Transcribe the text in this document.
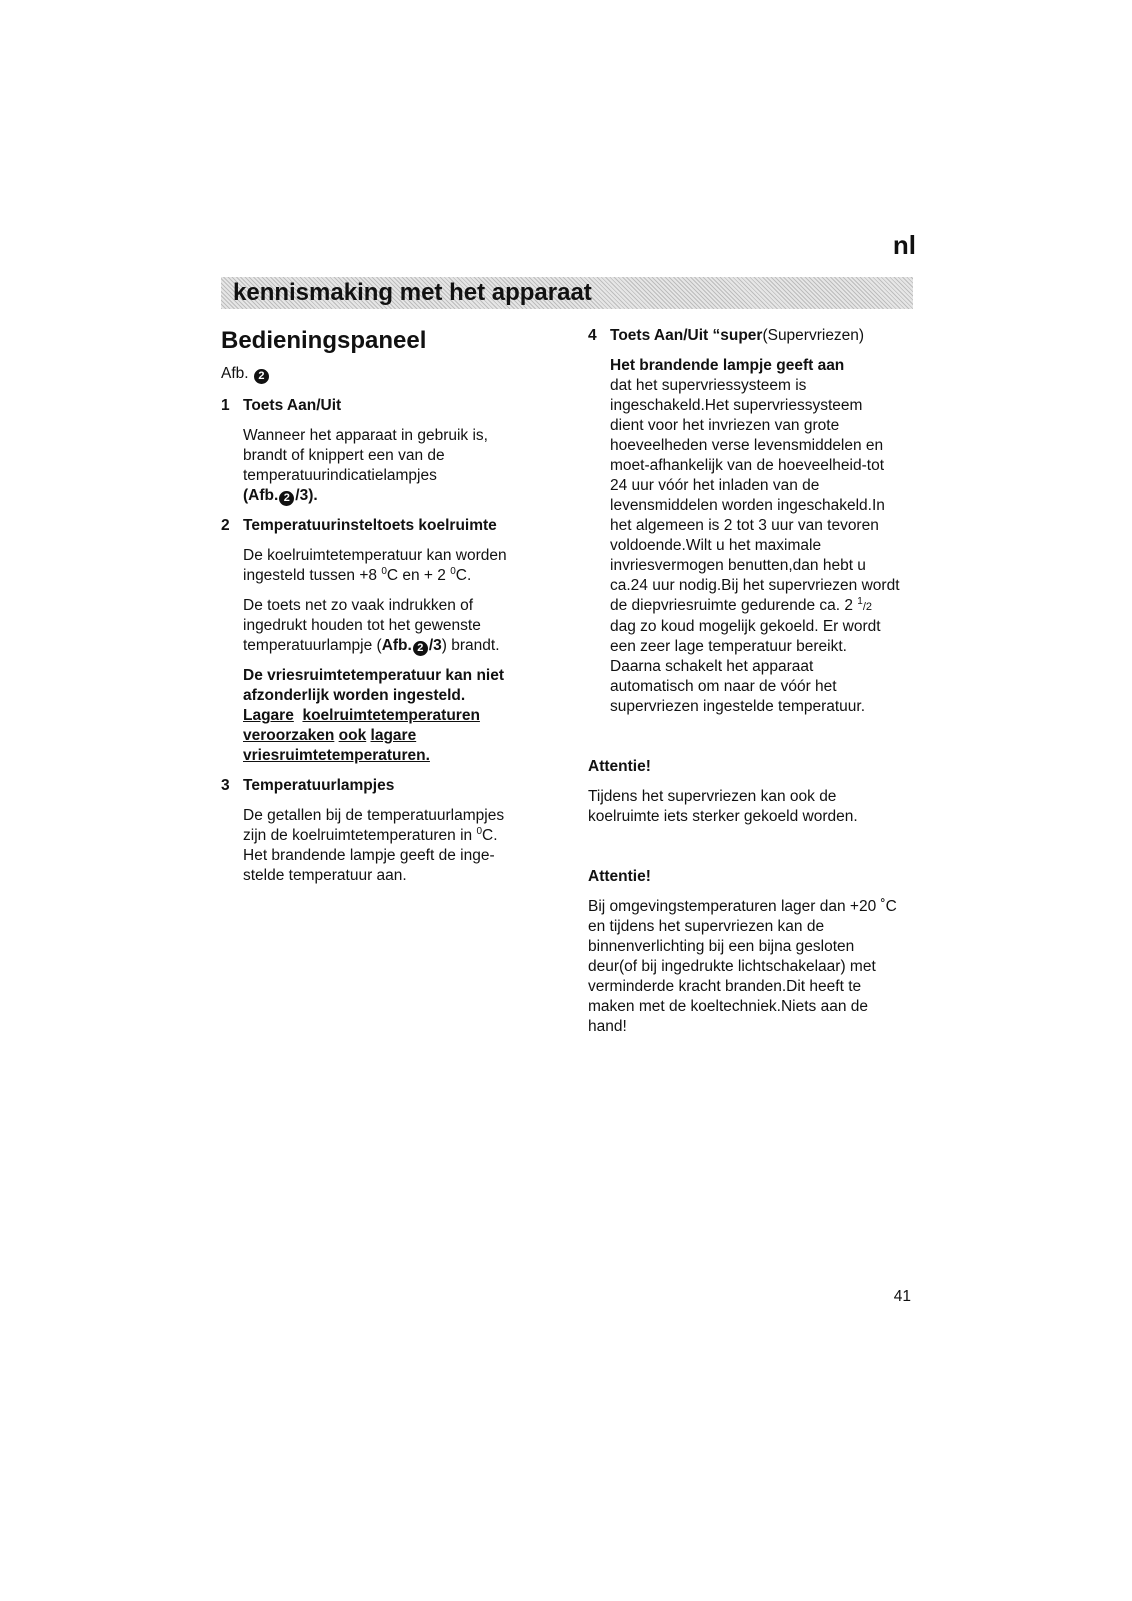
nl
kennismaking met het apparaat
Bedieningspaneel
Afb. 2
1 Toets Aan/Uit

Wanneer het apparaat in gebruik is,
brandt of knippert een van de
temperatuurindicatielampjes
(Afb. 2 /3).

2 Temperatuurinsteltoets koelruimte

De koelruimtetemperatuur kan worden
ingesteld tussen +8 $^0$C en + 2 $^0$C.

De toets net zo vaak indrukken of
ingedrukt houden tot het gewenste
temperatuurlampje (Afb. 2 /3) brandt.

De vriesruimtetemperatuur kan niet
afzonderlijk worden ingesteld.
Lagare koelruimtetemperaturen
veroorzaken ook lagare
vriesruimtetemperaturen.

3 Temperatuurlampjes

De getallen bij de temperatuurlampjes
zijn de koelruimtetemperaturen in $^0$C.
Het brandende lampje geeft de inge-
stelde temperatuur aan.

4 Toets Aan/Uit “super(Supervriezen)

Het brandende lampje geeft aan
dat het supervriessysteem is
ingeschakeld.Het supervriessysteem
dient voor het invriezen van grote
hoeveelheden verse levensmiddelen en
moet-afhankelijk van de hoeveelheid-tot
24 uur vóór het inladen van de
levensmiddelen worden ingeschakeld.In
het algemeen is 2 tot 3 uur van tevoren
voldoende.Wilt u het maximale
invriesvermogen benutten,dan hebt u
ca.24 uur nodig.Bij het supervriezen wordt
de diepvriesruimte gedurende ca. 2 $^1$/2
dag zo koud mogelijk gekoeld. Er wordt
een zeer lage temperatuur bereikt.
Daarna schakelt het apparaat
automatisch om naar de vóór het
supervriezen ingestelde temperatuur.

Attentie!

Tijdens het supervriezen kan ook de
koelruimte iets sterker gekoeld worden.

Attentie!

Bij omgevingstemperaturen lager dan +20 ˚C
en tijdens het supervriezen kan de
binnenverlichting bij een bijna gesloten
deur(of bij ingedrukte lichtschakelaar) met
verminderde kracht branden.Dit heeft te
maken met de koeltechniek.Niets aan de
hand!

41
